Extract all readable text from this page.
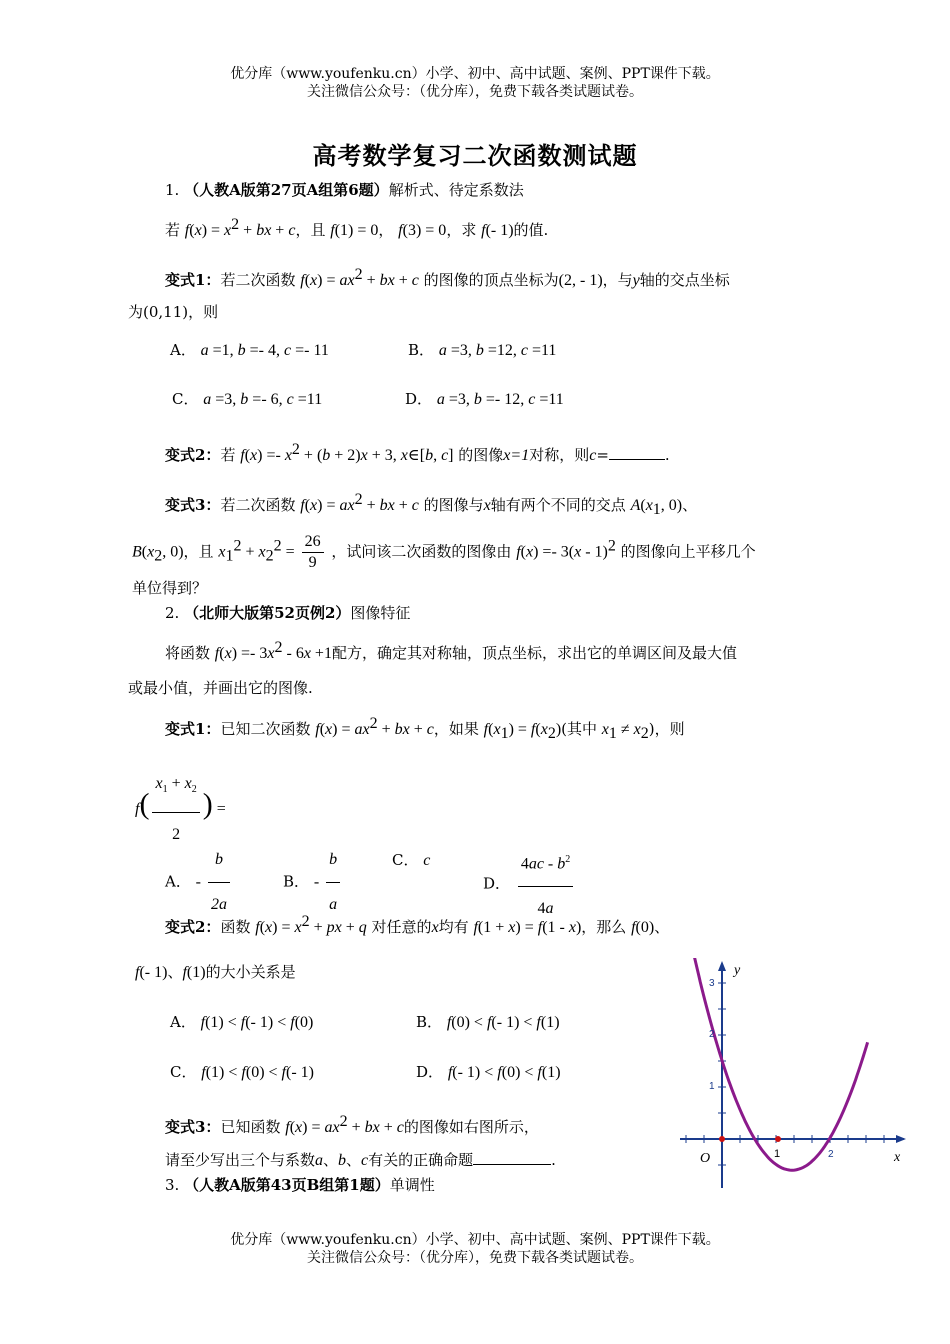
优分库（www.youfenku.cn）小学、初中、高中试题、案例、PPT课件下载。
关注微信公众号：（优分库），免费下载各类试题试卷。
高考数学复习二次函数测试题
1. （人教A版第27页A组第6题）解析式、待定系数法
若 $f(x) = x^2$ + bx + c，且 f(1) = 0， f(3) = 0，求 f(- 1)的值.
变式1：若二次函数 $f(x) = ax^2$ + bx + c 的图像的顶点坐标为(2, - 1)，与y轴的交点坐标
为(0,11)，则
A． a =1, b =- 4, c =- 11	B． a =3, b =12, c =11
C． a =3, b =- 6, c =11	D． a =3, b =- 12, c =11
变式2：若 $f(x) =- x^2 + (b + 2)x + 3$, x∈[b, c] 的图像x=1对称，则c=	.
变式3：若二次函数 $f(x) = ax^2$ + bx + c 的图像与x轴有两个不同的交点 $A(x_1$, 0)、
$B(x_2$, 0)，且 $x_1^2 + x_2^2 = \frac{26}{9}$ ，试问该二次函数的图像由 f(x) =- 3(x - 1)$^2$ 的图像向上平移几个
单位得到？
2. （北师大版第52页例2）图像特征
将函数 $f(x) =- 3x^2 - 6x +1$配方，确定其对称轴，顶点坐标，求出它的单调区间及最大值
或最小值，并画出它的图像.
变式1：已知二次函数 $f(x) = ax^2$ + bx + c，如果 $f(x_1) = f(x_2)$(其中 $x_1 \ne x_2$)，则
$f( \frac{x_1 + x_2}{2}$ ) =
A． - $\frac{b}{2a}$	B． - $\frac{b}{a}$	C． c
D． $\frac{4ac - b^2}{4a}$
变式2：函数 $f(x) = x^2$ + px + q 对任意的x均有 f(1 + x) = f(1 - x)，那么 f(0)、
f(- 1)、f(1)的大小关系是
A． f(1) < f(- 1) < f(0)	B． f(0) < f(- 1) < f(1)
C． f(1) < f(0) < f(- 1)	D． f(- 1) < f(0) < f(1)
变式3：已知函数 $f(x) = ax^2$ + bx + c的图像如右图所示，
请至少写出三个与系数a、b、c有关的正确命题	.
3. （人教A版第43页B组第1题）单调性
y
x
O	1	2
1
2
3
优分库（www.youfenku.cn）小学、初中、高中试题、案例、PPT课件下载。
关注微信公众号：（优分库），免费下载各类试题试卷。
